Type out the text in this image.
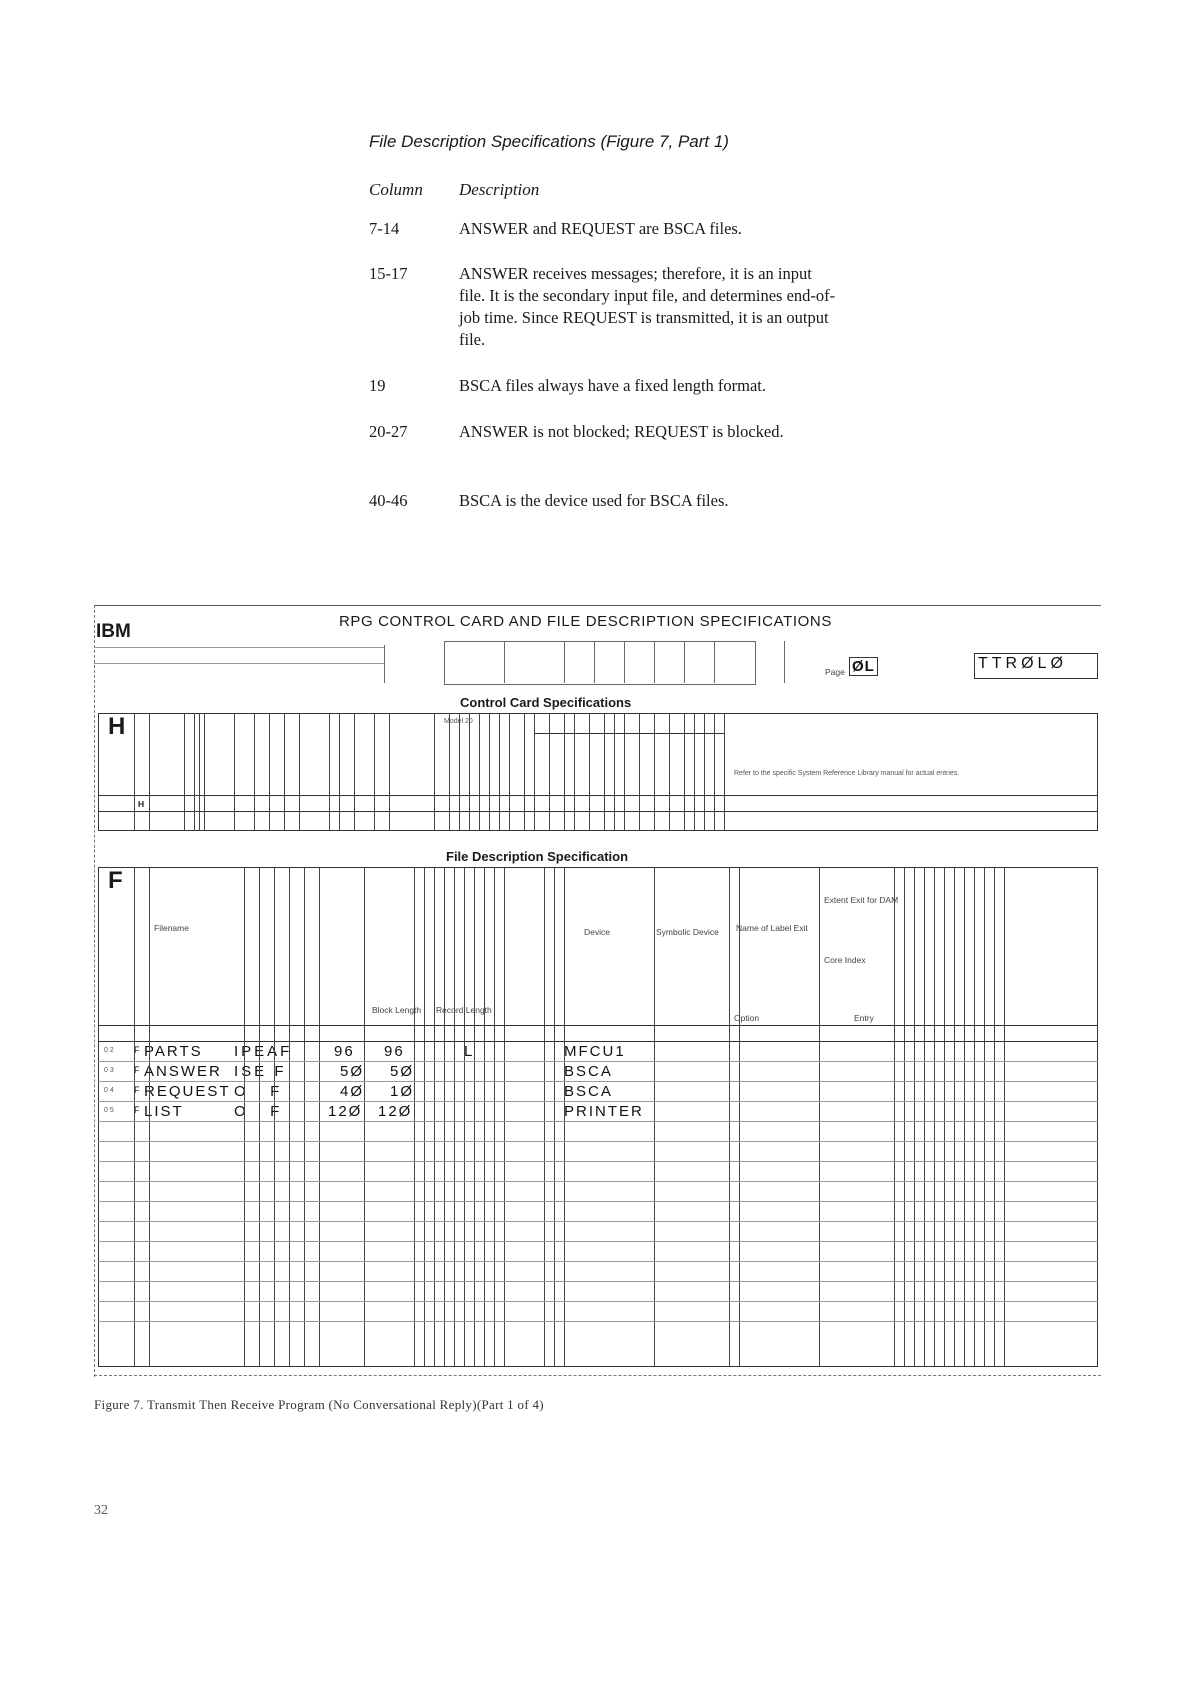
File Description Specifications (Figure 7, Part 1)
Column Description
7-14	ANSWER and REQUEST are BSCA files.
15-17	ANSWER receives messages; therefore, it is an input file. It is the secondary input file, and determines end-of-job time. Since REQUEST is transmitted, it is an output file.
19	BSCA files always have a fixed length format.
20-27	ANSWER is not blocked; REQUEST is blocked.
40-46	BSCA is the device used for BSCA files.
IBM	RPG CONTROL CARD AND FILE DESCRIPTION SPECIFICATIONS
Page ØL	TTRØLØ
Control Card Specifications
H	Model 20
Refer to the specific System Reference Library manual for actual entries.
H
File Description Specification
F
Filename
Block Length Record Length
Device	Symbolic Device Name of Label Exit
Extent Exit for DAM
Core Index
Option	Entry
0 2 F PARTS IPEAF	96 96	L	MFCU1
0 3 F ANSWER ISE F	5Ø 5Ø	BSCA
0 4 F REQUEST O   F	4Ø 1Ø	BSCA
0 5 F LIST	O   F	12Ø 12Ø	PRINTER
Figure 7. Transmit Then Receive Program (No Conversational Reply)(Part 1 of 4)
32
